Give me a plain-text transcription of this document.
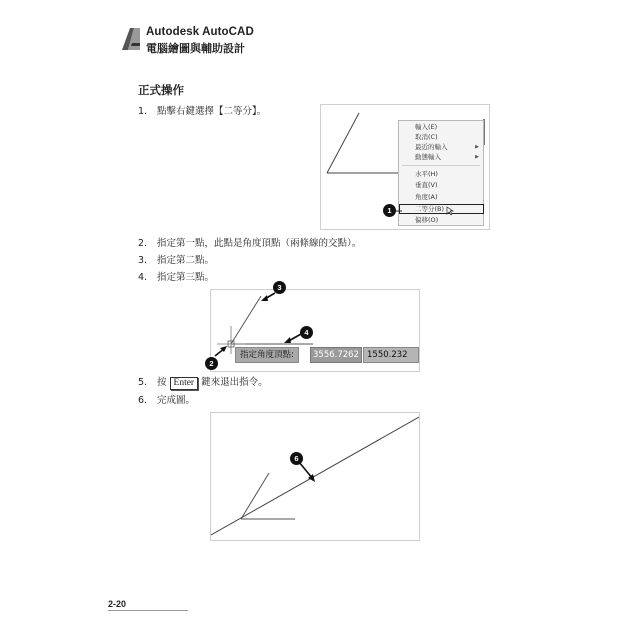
Autodesk AutoCAD
電腦繪圖與輔助設計
正式操作
1. 點擊右鍵選擇【二等分】。
輸入(E)
取消(C)
最近的輸入	▶
動態輸入	▶
水平(H)
垂直(V)
角度(A)
二等分(B)
偏移(O)
1
2. 指定第一點，此點是角度頂點（兩條線的交點）。
3. 指定第二點。
4. 指定第三點。
3
4
2
指定角度頂點:	3556.7262 1550.232
5. 按 Enter 鍵來退出指令。
6. 完成圖。
6
2-20
